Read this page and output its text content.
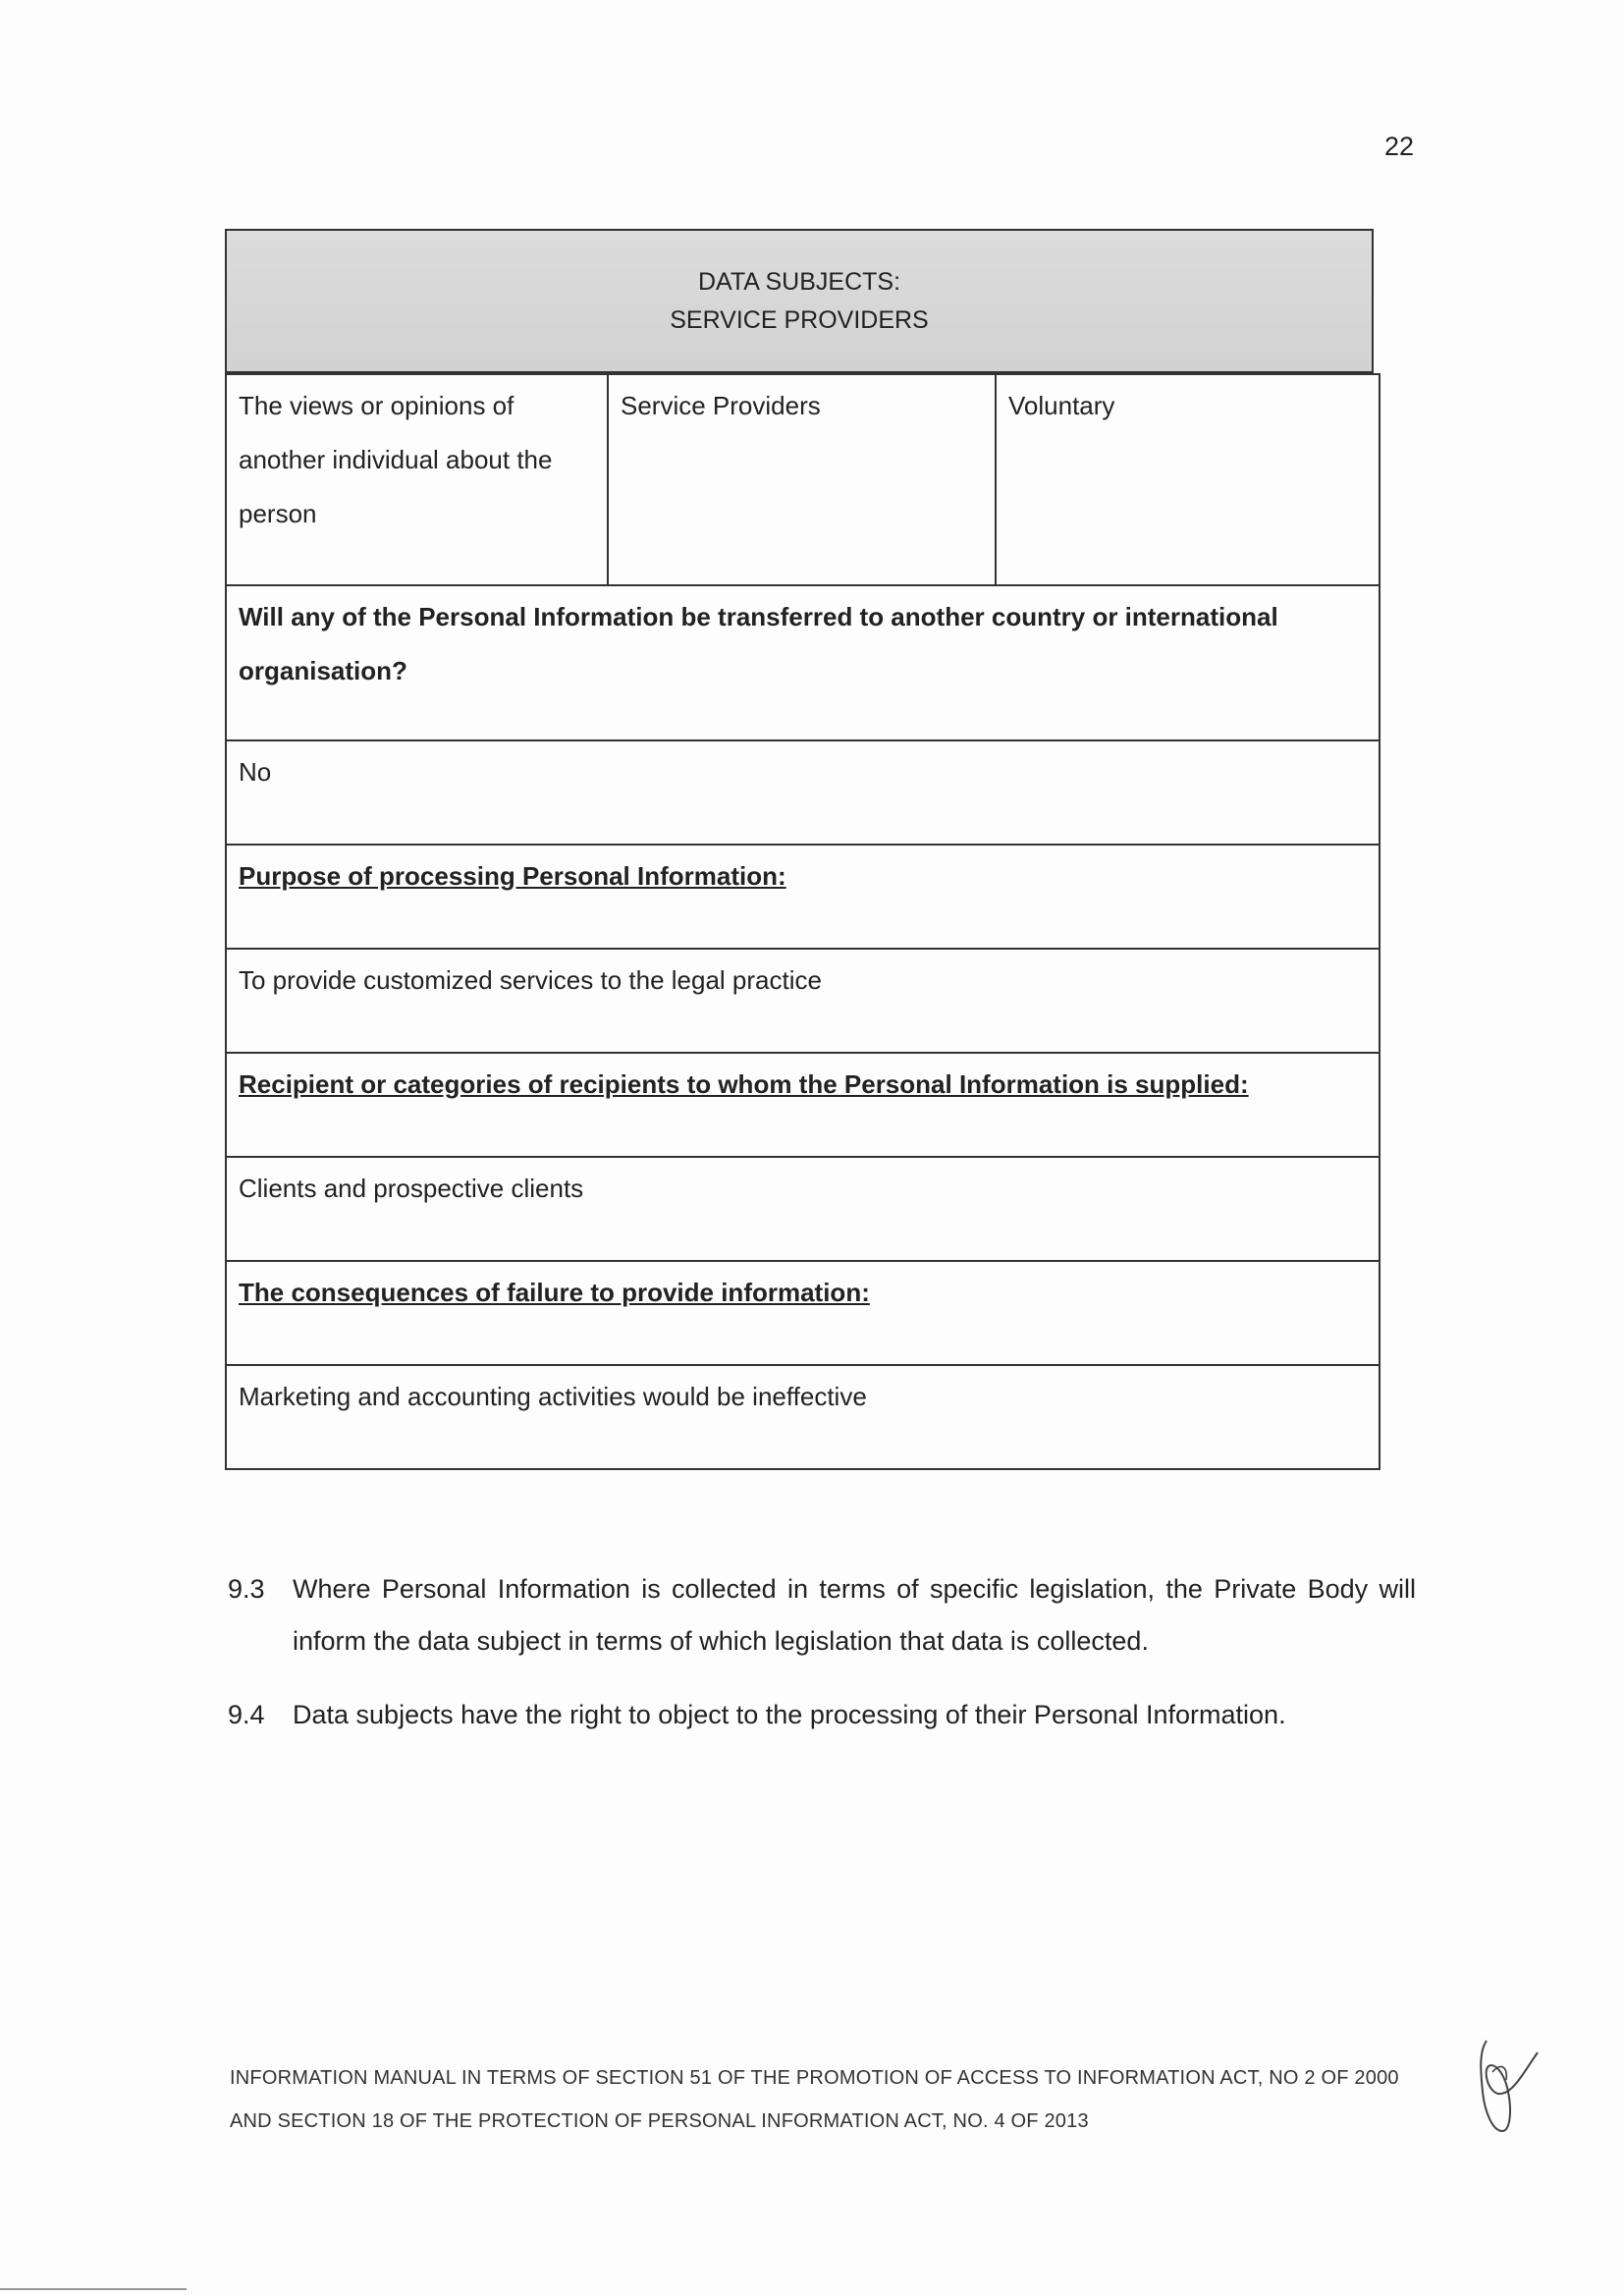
22
DATA SUBJECTS:
SERVICE PROVIDERS
The views or opinions of another individual about the person	Service Providers	Voluntary
Will any of the Personal Information be transferred to another country or international organisation?
No
Purpose of processing Personal Information:
To provide customized services to the legal practice
Recipient or categories of recipients to whom the Personal Information is supplied:
Clients and prospective clients
The consequences of failure to provide information:
Marketing and accounting activities would be ineffective
9.3	Where Personal Information is collected in terms of specific legislation, the Private Body will inform the data subject in terms of which legislation that data is collected.
9.4	Data subjects have the right to object to the processing of their Personal Information.
INFORMATION MANUAL IN TERMS OF SECTION 51 OF THE PROMOTION OF ACCESS TO INFORMATION ACT, NO 2 OF 2000
AND SECTION 18 OF THE PROTECTION OF PERSONAL INFORMATION ACT, NO. 4 OF 2013
